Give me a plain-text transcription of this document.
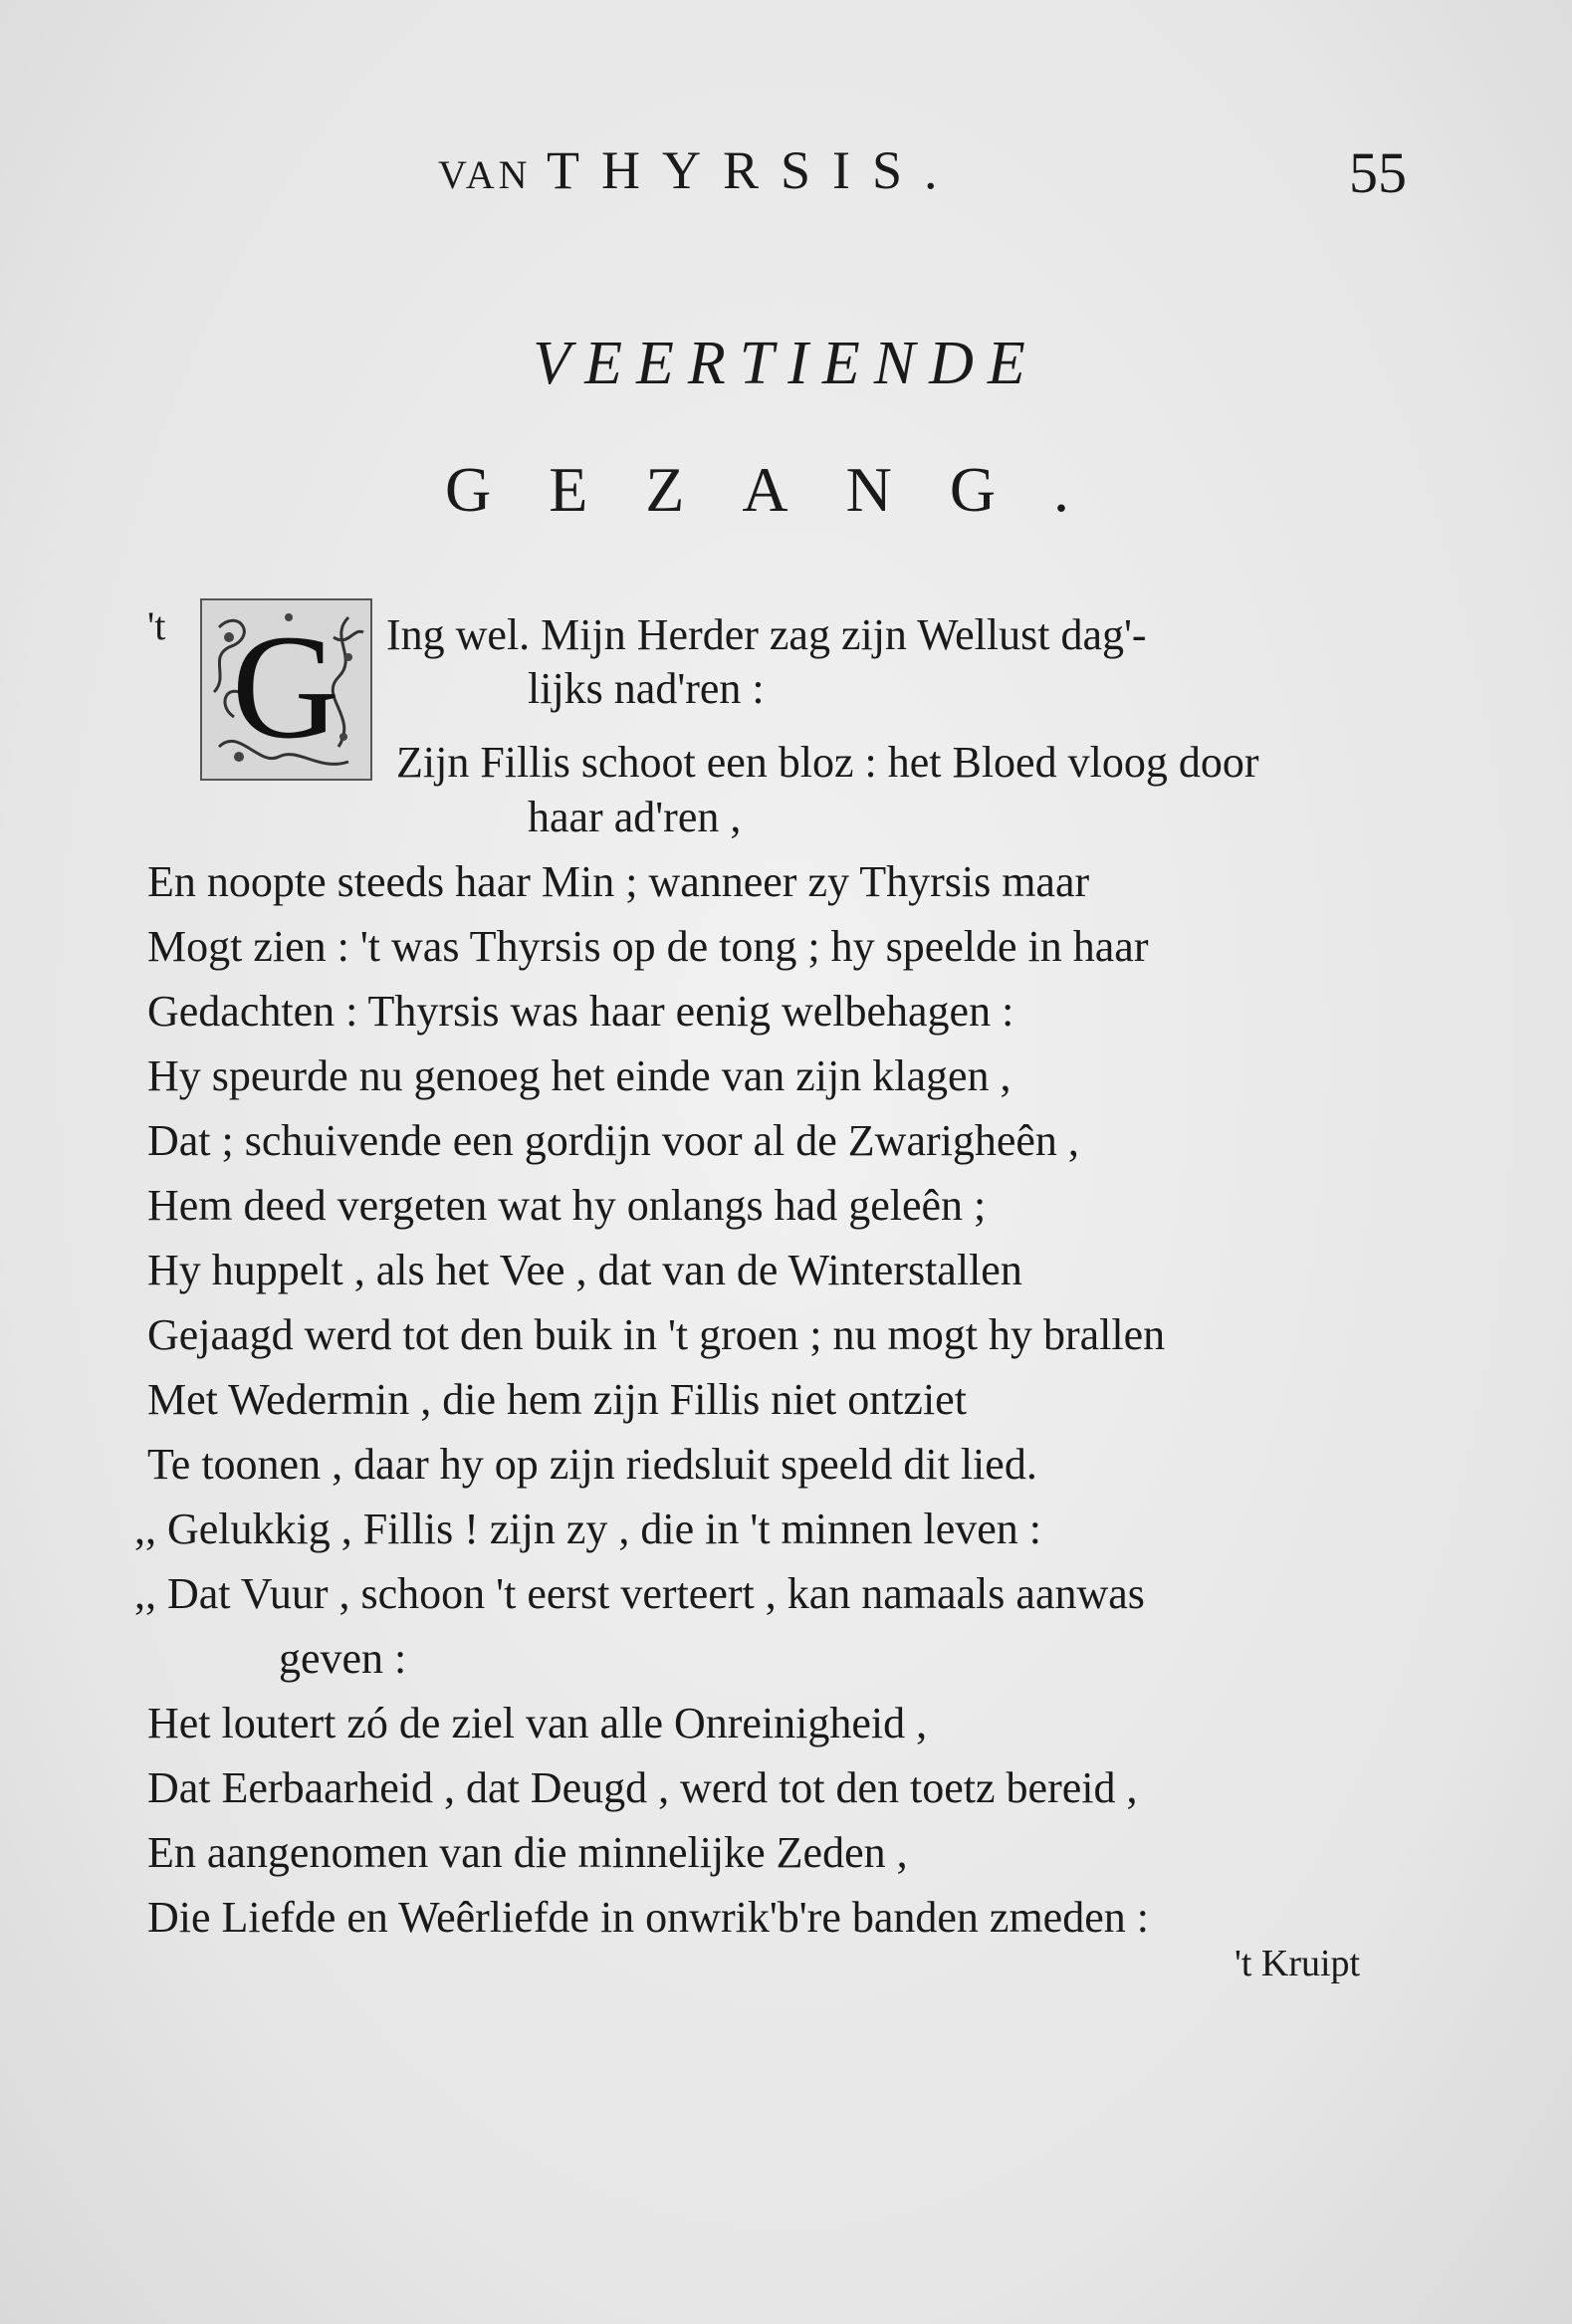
VAN THYRSIS.	55
VEERTIENDE
GEZANG.
't G Ing wel. Mijn Herder zag zijn Wellust dag'-
lijks nad'ren :
Zijn Fillis schoot een bloz : het Bloed vloog door
haar ad'ren ,
En noopte steeds haar Min ; wanneer zy Thyrsis maar
Mogt zien : 't was Thyrsis op de tong ; hy speelde in haar
Gedachten : Thyrsis was haar eenig welbehagen :
Hy speurde nu genoeg het einde van zijn klagen ,
Dat ; schuivende een gordijn voor al de Zwarigheên ,
Hem deed vergeten wat hy onlangs had geleên ;
Hy huppelt , als het Vee , dat van de Winterstallen
Gejaagd werd tot den buik in 't groen ; nu mogt hy brallen
Met Wedermin , die hem zijn Fillis niet ontziet
Te toonen , daar hy op zijn riedsluit speeld dit lied.
,, Gelukkig , Fillis ! zijn zy , die in 't minnen leven :
,, Dat Vuur , schoon 't eerst verteert , kan namaals aanwas
geven :
Het loutert zó de ziel van alle Onreinigheid ,
Dat Eerbaarheid , dat Deugd , werd tot den toetz bereid ,
En aangenomen van die minnelijke Zeden ,
Die Liefde en Weêrliefde in onwrik'b're banden zmeden :
't Kruipt
